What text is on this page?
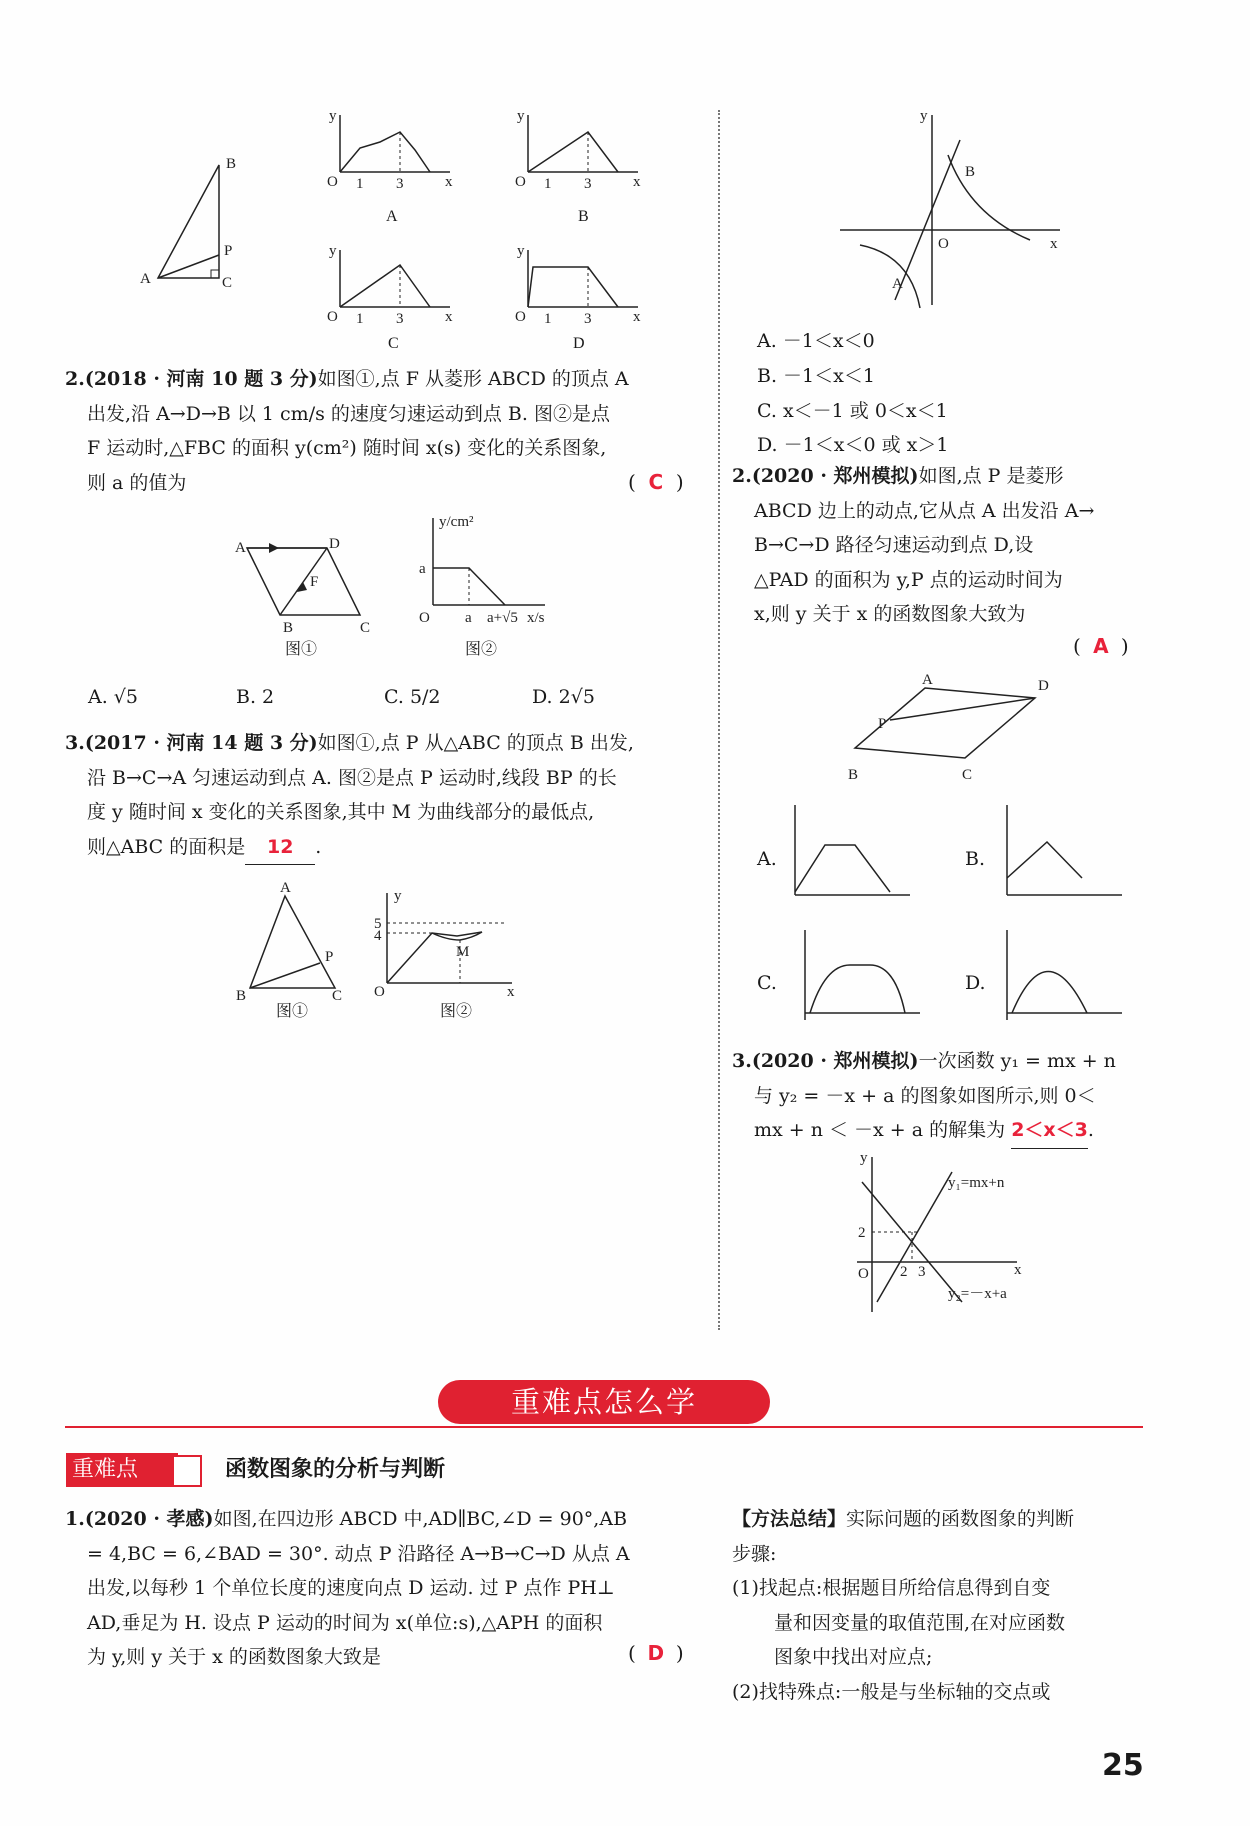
B
P
A	C
O 1 3	x
y
A
O 1 3	x
y
B
O 1 3	x
y
C
O 1 3	x
y
D
2.(2018 · 河南 10 题 3 分)如图①,点 F 从菱形 ABCD 的顶点 A
出发,沿 A→D→B 以 1 cm/s 的速度匀速运动到点 B. 图②是点
F 运动时,△FBC 的面积 y(cm²) 随时间 x(s) 变化的关系图象,
则 a 的值为	( C )
A	D
F
B	C
图①
y/cm²
a
O a a+√5 x/s
图②
A. √5	B. 2	C. 5/2	D. 2√5
3.(2017 · 河南 14 题 3 分)如图①,点 P 从△ABC 的顶点 B 出发,
沿 B→C→A 匀速运动到点 A. 图②是点 P 运动时,线段 BP 的长
度 y 随时间 x 变化的关系图象,其中 M 为曲线部分的最低点,
则△ABC 的面积是 12 .
A
P
B	C
图①
y
5
4
M
O	x
图②
y
B
O	x
A
A. －1＜x＜0
B. －1＜x＜1
C. x＜－1 或 0＜x＜1
D. －1＜x＜0 或 x＞1
2.(2020 · 郑州模拟)如图,点 P 是菱形
ABCD 边上的动点,它从点 A 出发沿 A→
B→C→D 路径匀速运动到点 D,设
△PAD 的面积为 y,P 点的运动时间为
x,则 y 关于 x 的函数图象大致为
( A )
A	D
P
B	C
A.	B.
C.	D.
3.(2020 · 郑州模拟)一次函数 y₁ = mx + n
与 y₂ = －x + a 的图象如图所示,则 0＜
mx + n ＜ －x + a 的解集为 2＜x＜3.
y
y₁=mx+n
2
O 2 3	x
y₂=－x+a
重难点怎么学
重难点	函数图象的分析与判断
1.(2020 · 孝感)如图,在四边形 ABCD 中,AD∥BC,∠D = 90°,AB
= 4,BC = 6,∠BAD = 30°. 动点 P 沿路径 A→B→C→D 从点 A
出发,以每秒 1 个单位长度的速度向点 D 运动. 过 P 点作 PH⊥
AD,垂足为 H. 设点 P 运动的时间为 x(单位:s),△APH 的面积
为 y,则 y 关于 x 的函数图象大致是	( D )
【方法总结】实际问题的函数图象的判断
步骤:
(1)找起点:根据题目所给信息得到自变
量和因变量的取值范围,在对应函数
图象中找出对应点;
(2)找特殊点:一般是与坐标轴的交点或
25
